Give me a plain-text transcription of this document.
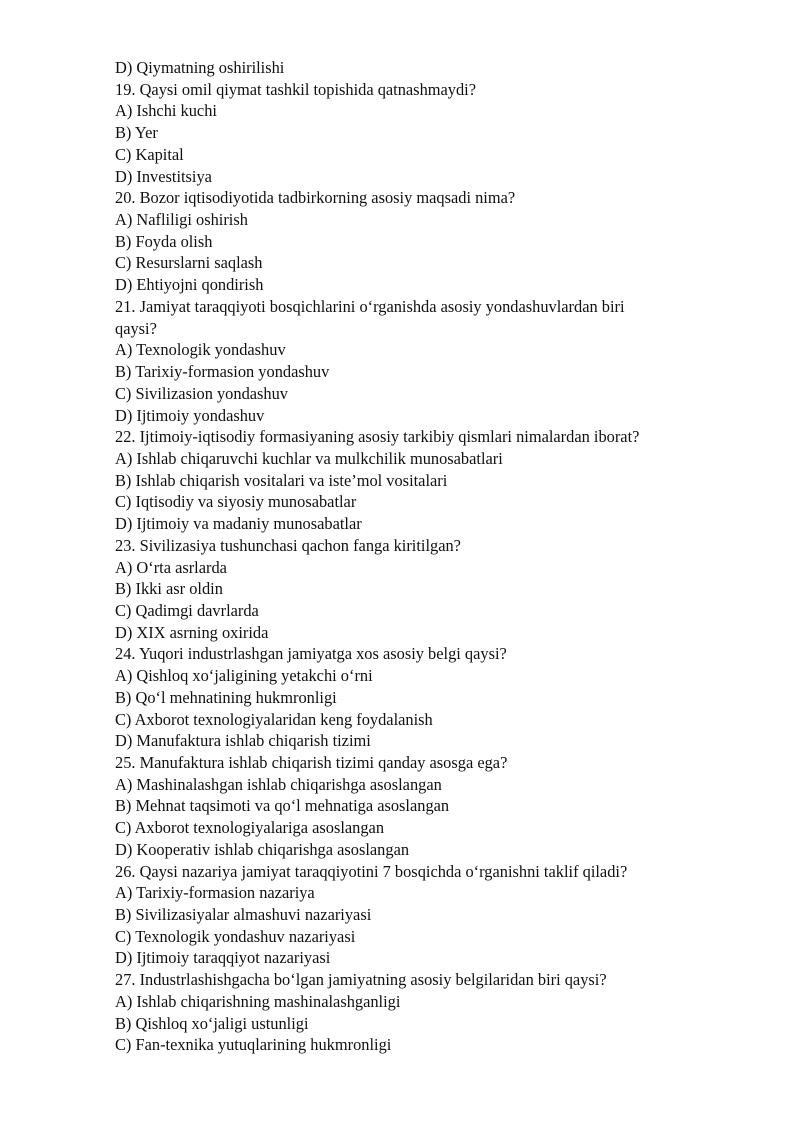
D) Qiymatning oshirilishi
19. Qaysi omil qiymat tashkil topishida qatnashmaydi?
A) Ishchi kuchi
B) Yer
C) Kapital
D) Investitsiya
20. Bozor iqtisodiyotida tadbirkorning asosiy maqsadi nima?
A) Nafliligi oshirish
B) Foyda olish
C) Resurslarni saqlash
D) Ehtiyojni qondirish
21. Jamiyat taraqqiyoti bosqichlarini o‘rganishda asosiy yondashuvlardan biri
qaysi?
A) Texnologik yondashuv
B) Tarixiy-formasion yondashuv
C) Sivilizasion yondashuv
D) Ijtimoiy yondashuv
22. Ijtimoiy-iqtisodiy formasiyaning asosiy tarkibiy qismlari nimalardan iborat?
A) Ishlab chiqaruvchi kuchlar va mulkchilik munosabatlari
B) Ishlab chiqarish vositalari va iste’mol vositalari
C) Iqtisodiy va siyosiy munosabatlar
D) Ijtimoiy va madaniy munosabatlar
23. Sivilizasiya tushunchasi qachon fanga kiritilgan?
A) O‘rta asrlarda
B) Ikki asr oldin
C) Qadimgi davrlarda
D) XIX asrning oxirida
24. Yuqori industrlashgan jamiyatga xos asosiy belgi qaysi?
A) Qishloq xo‘jaligining yetakchi o‘rni
B) Qo‘l mehnatining hukmronligi
C) Axborot texnologiyalaridan keng foydalanish
D) Manufaktura ishlab chiqarish tizimi
25. Manufaktura ishlab chiqarish tizimi qanday asosga ega?
A) Mashinalashgan ishlab chiqarishga asoslangan
B) Mehnat taqsimoti va qo‘l mehnatiga asoslangan
C) Axborot texnologiyalariga asoslangan
D) Kooperativ ishlab chiqarishga asoslangan
26. Qaysi nazariya jamiyat taraqqiyotini 7 bosqichda o‘rganishni taklif qiladi?
A) Tarixiy-formasion nazariya
B) Sivilizasiyalar almashuvi nazariyasi
C) Texnologik yondashuv nazariyasi
D) Ijtimoiy taraqqiyot nazariyasi
27. Industrlashishgacha bo‘lgan jamiyatning asosiy belgilaridan biri qaysi?
A) Ishlab chiqarishning mashinalashganligi
B) Qishloq xo‘jaligi ustunligi
C) Fan-texnika yutuqlarining hukmronligi
